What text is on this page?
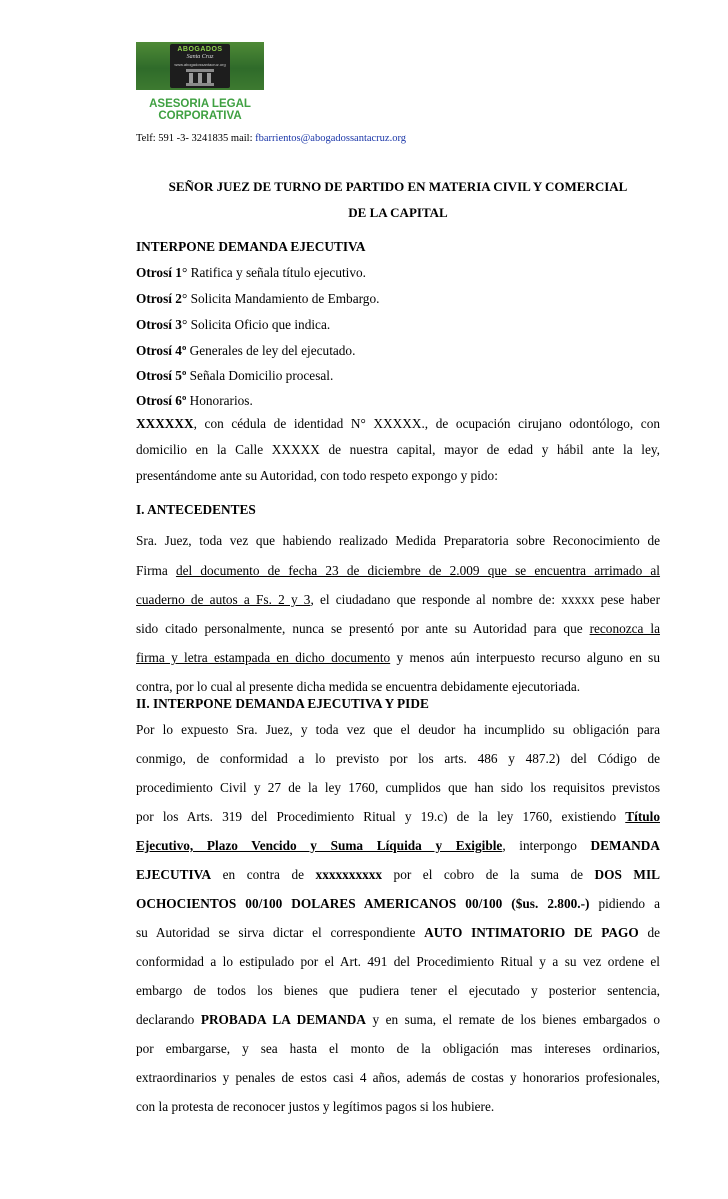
ABOGADOS
Santa Cruz
www.abogadossantacruz.org
ASESORIA LEGAL
CORPORATIVA
Telf: 591 -3- 3241835 mail: fbarrientos@abogadossantacruz.org
SEÑOR JUEZ DE TURNO DE PARTIDO EN MATERIA CIVIL Y COMERCIAL
DE LA CAPITAL
INTERPONE DEMANDA EJECUTIVA
Otrosí 1° Ratifica y señala título ejecutivo.
Otrosí 2° Solicita Mandamiento de Embargo.
Otrosí 3° Solicita Oficio que indica.
Otrosí 4º Generales de ley del ejecutado.
Otrosí 5º Señala Domicilio procesal.
Otrosí 6º Honorarios.
XXXXXX, con cédula de identidad N° XXXXX., de ocupación cirujano odontólogo, con
domicilio en la Calle XXXXX de nuestra capital, mayor de edad y hábil ante la ley,
presentándome ante su Autoridad, con todo respeto expongo y pido:
I. ANTECEDENTES
Sra. Juez, toda vez que habiendo realizado Medida Preparatoria sobre Reconocimiento de
Firma del documento de fecha 23 de diciembre de 2.009 que se encuentra arrimado al
cuaderno de autos a Fs. 2 y 3, el ciudadano que responde al nombre de: xxxxx pese haber
sido citado personalmente, nunca se presentó por ante su Autoridad para que reconozca la
firma y letra estampada en dicho documento y menos aún interpuesto recurso alguno en su
contra, por lo cual al presente dicha medida se encuentra debidamente ejecutoriada.
II. INTERPONE DEMANDA EJECUTIVA Y PIDE
Por lo expuesto Sra. Juez, y toda vez que el deudor ha incumplido su obligación para
conmigo, de conformidad a lo previsto por los arts. 486 y 487.2) del Código de
procedimiento Civil y 27 de la ley 1760, cumplidos que han sido los requisitos previstos
por los Arts. 319 del Procedimiento Ritual y 19.c) de la ley 1760, existiendo Título
Ejecutivo, Plazo Vencido y Suma Líquida y Exigible, interpongo DEMANDA
EJECUTIVA en contra de xxxxxxxxxx por el cobro de la suma de DOS MIL
OCHOCIENTOS 00/100 DOLARES AMERICANOS 00/100 ($us. 2.800.-) pidiendo a
su Autoridad se sirva dictar el correspondiente AUTO INTIMATORIO DE PAGO de
conformidad a lo estipulado por el Art. 491 del Procedimiento Ritual y a su vez ordene el
embargo de todos los bienes que pudiera tener el ejecutado y posterior sentencia,
declarando PROBADA LA DEMANDA y en suma, el remate de los bienes embargados o
por embargarse, y sea hasta el monto de la obligación mas intereses ordinarios,
extraordinarios y penales de estos casi 4 años, además de costas y honorarios profesionales,
con la protesta de reconocer justos y legítimos pagos si los hubiere.
